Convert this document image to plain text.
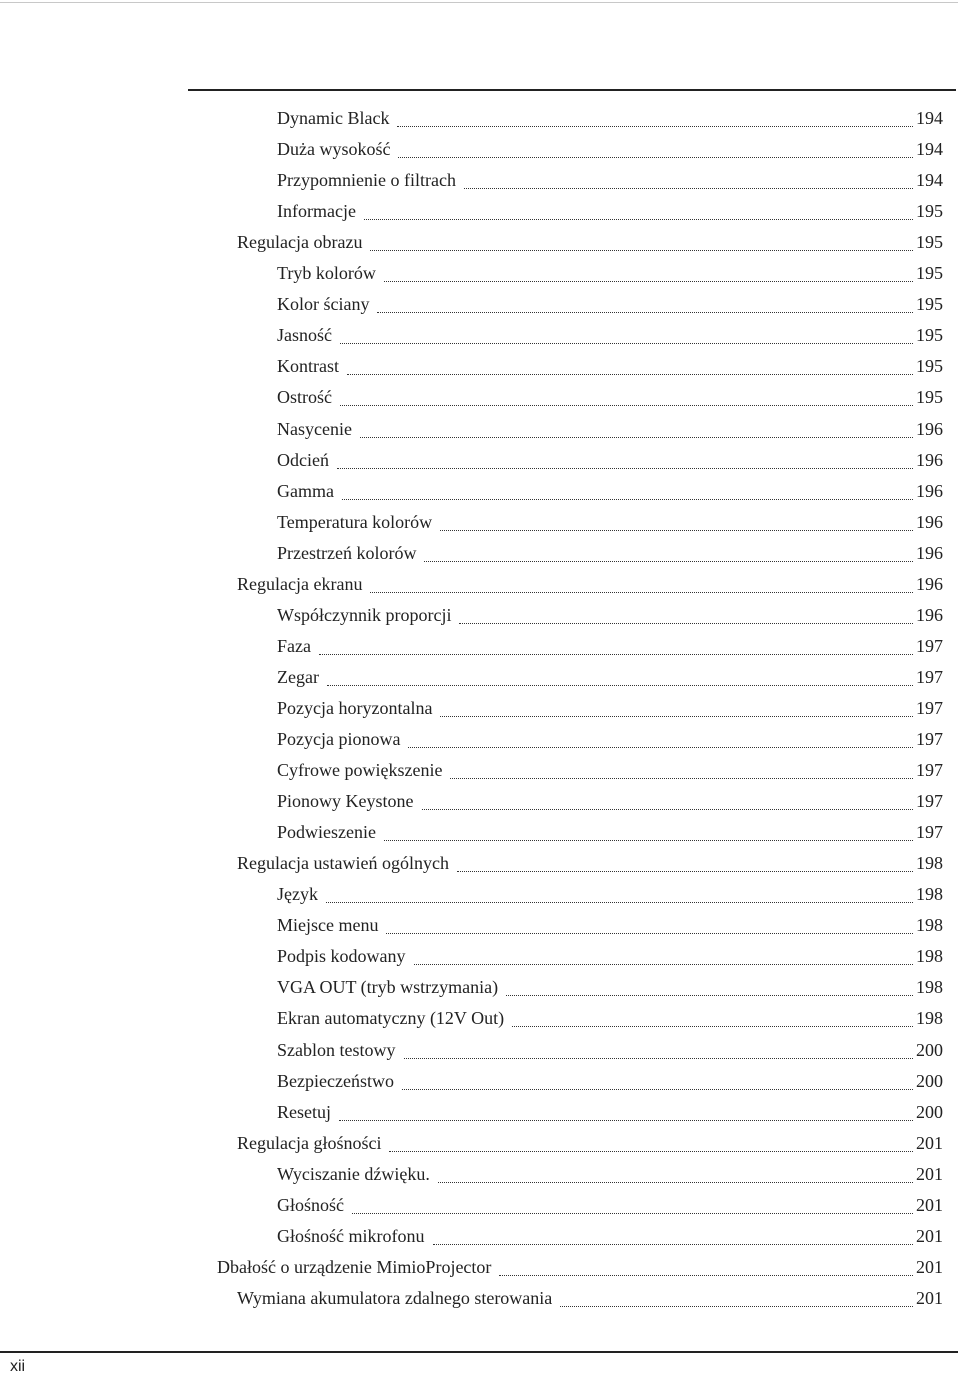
Dynamic Black	194
Duża wysokość	194
Przypomnienie o filtrach	194
Informacje	195
Regulacja obrazu	195
Tryb kolorów	195
Kolor ściany	195
Jasność	195
Kontrast	195
Ostrość	195
Nasycenie	196
Odcień	196
Gamma	196
Temperatura kolorów	196
Przestrzeń kolorów	196
Regulacja ekranu	196
Współczynnik proporcji	196
Faza	197
Zegar	197
Pozycja horyzontalna	197
Pozycja pionowa	197
Cyfrowe powiększenie	197
Pionowy Keystone	197
Podwieszenie	197
Regulacja ustawień ogólnych	198
Język	198
Miejsce menu	198
Podpis kodowany	198
VGA OUT (tryb wstrzymania)	198
Ekran automatyczny (12V Out)	198
Szablon testowy	200
Bezpieczeństwo	200
Resetuj	200
Regulacja głośności	201
Wyciszanie dźwięku.	201
Głośność	201
Głośność mikrofonu	201
Dbałość o urządzenie MimioProjector	201
Wymiana akumulatora zdalnego sterowania	201
xii
